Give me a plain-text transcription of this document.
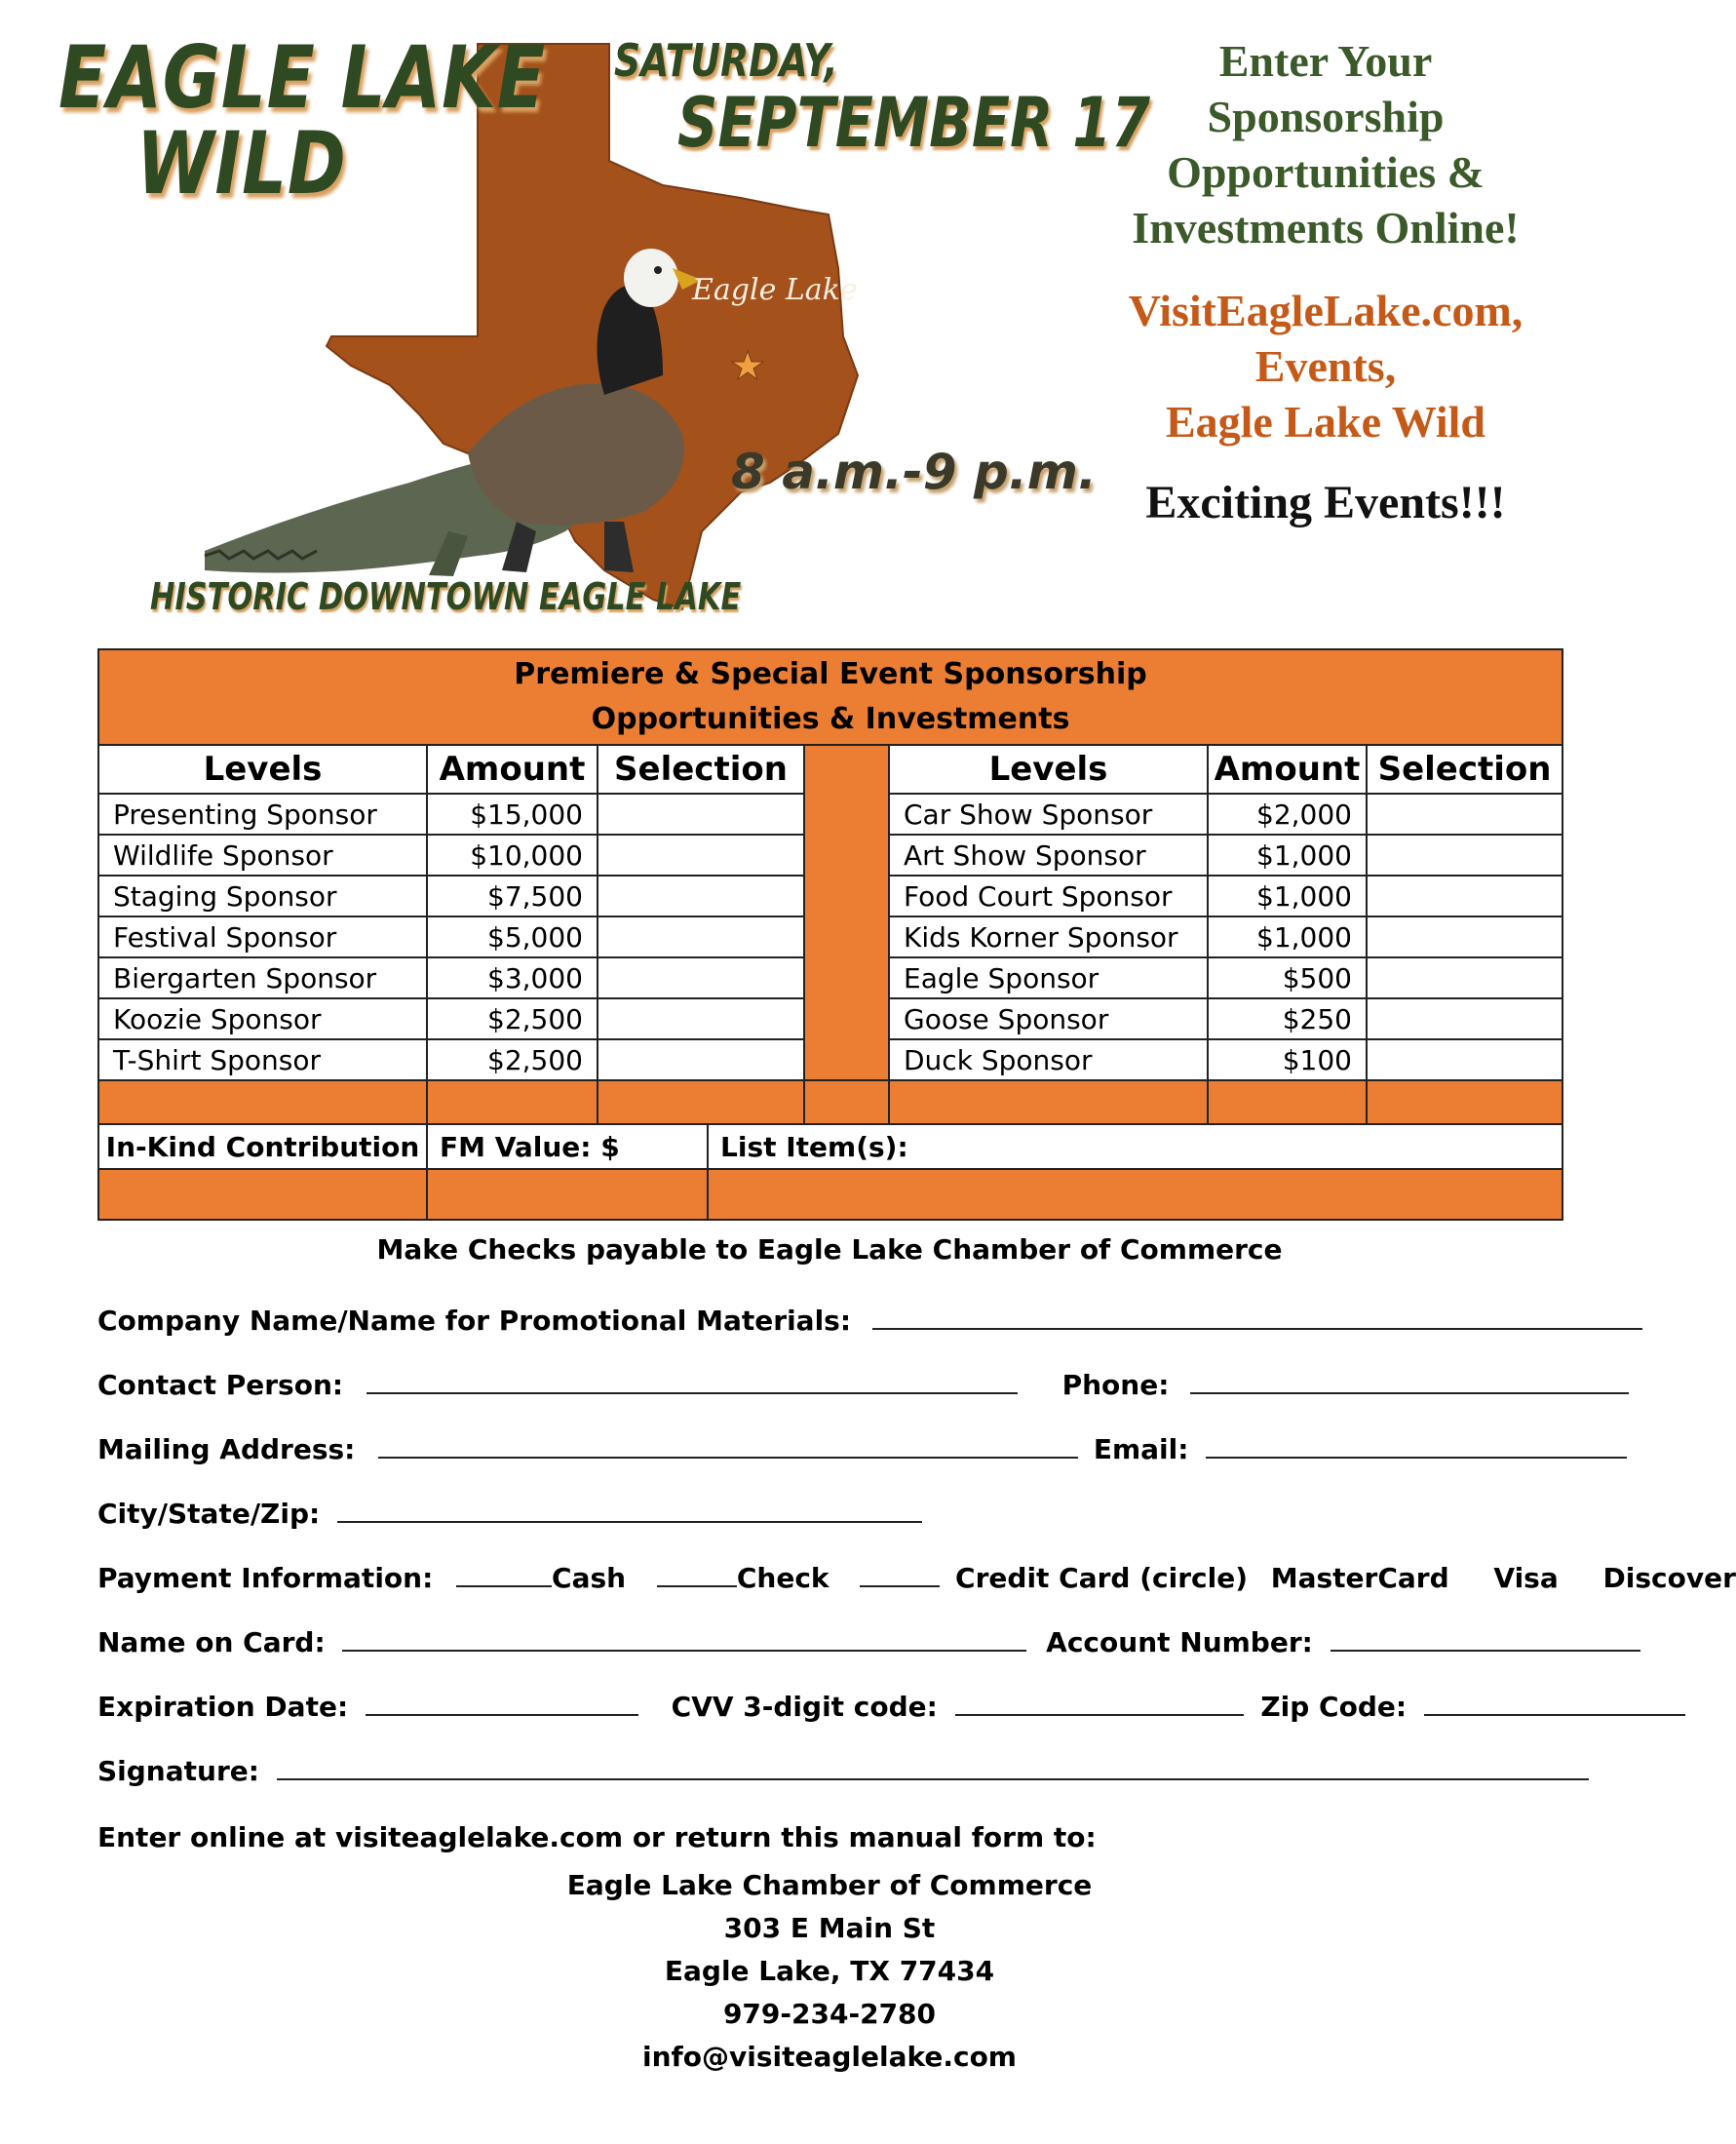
EAGLE LAKE
WILD
SATURDAY,
SEPTEMBER 17
Eagle Lake
8 a.m.-9 p.m.
HISTORIC DOWNTOWN EAGLE LAKE
Enter Your
Sponsorship
Opportunities &
Investments Online!
VisitEagleLake.com,
Events,
Eagle Lake Wild
Exciting Events!!!
Premiere & Special Event Sponsorship
Opportunities & Investments						

Levels	Amount	Selection		Levels	Amount	Selection
Presenting Sponsor	$15,000			Car Show Sponsor	$2,000	
Wildlife Sponsor	$10,000			Art Show Sponsor	$1,000	
Staging Sponsor	$7,500			Food Court Sponsor	$1,000	
Festival Sponsor	$5,000			Kids Korner Sponsor	$1,000	
Biergarten Sponsor	$3,000			Eagle Sponsor	$500	
Koozie Sponsor	$2,500			Goose Sponsor	$250	
T-Shirt Sponsor	$2,500			Duck Sponsor	$100	

In-Kind Contribution	FM Value: $	List Item(s):

Make Checks payable to Eagle Lake Chamber of Commerce
Company Name/Name for Promotional Materials:
Contact Person:	Phone:
Mailing Address:	Email:
City/State/Zip:
Payment Information:	Cash	Check	Credit Card (circle) MasterCard Visa Discover
Name on Card:	Account Number:
Expiration Date:	CVV 3-digit code:	Zip Code:
Signature:
Enter online at visiteaglelake.com or return this manual form to:
Eagle Lake Chamber of Commerce
303 E Main St
Eagle Lake, TX 77434
979-234-2780
info@visiteaglelake.com
